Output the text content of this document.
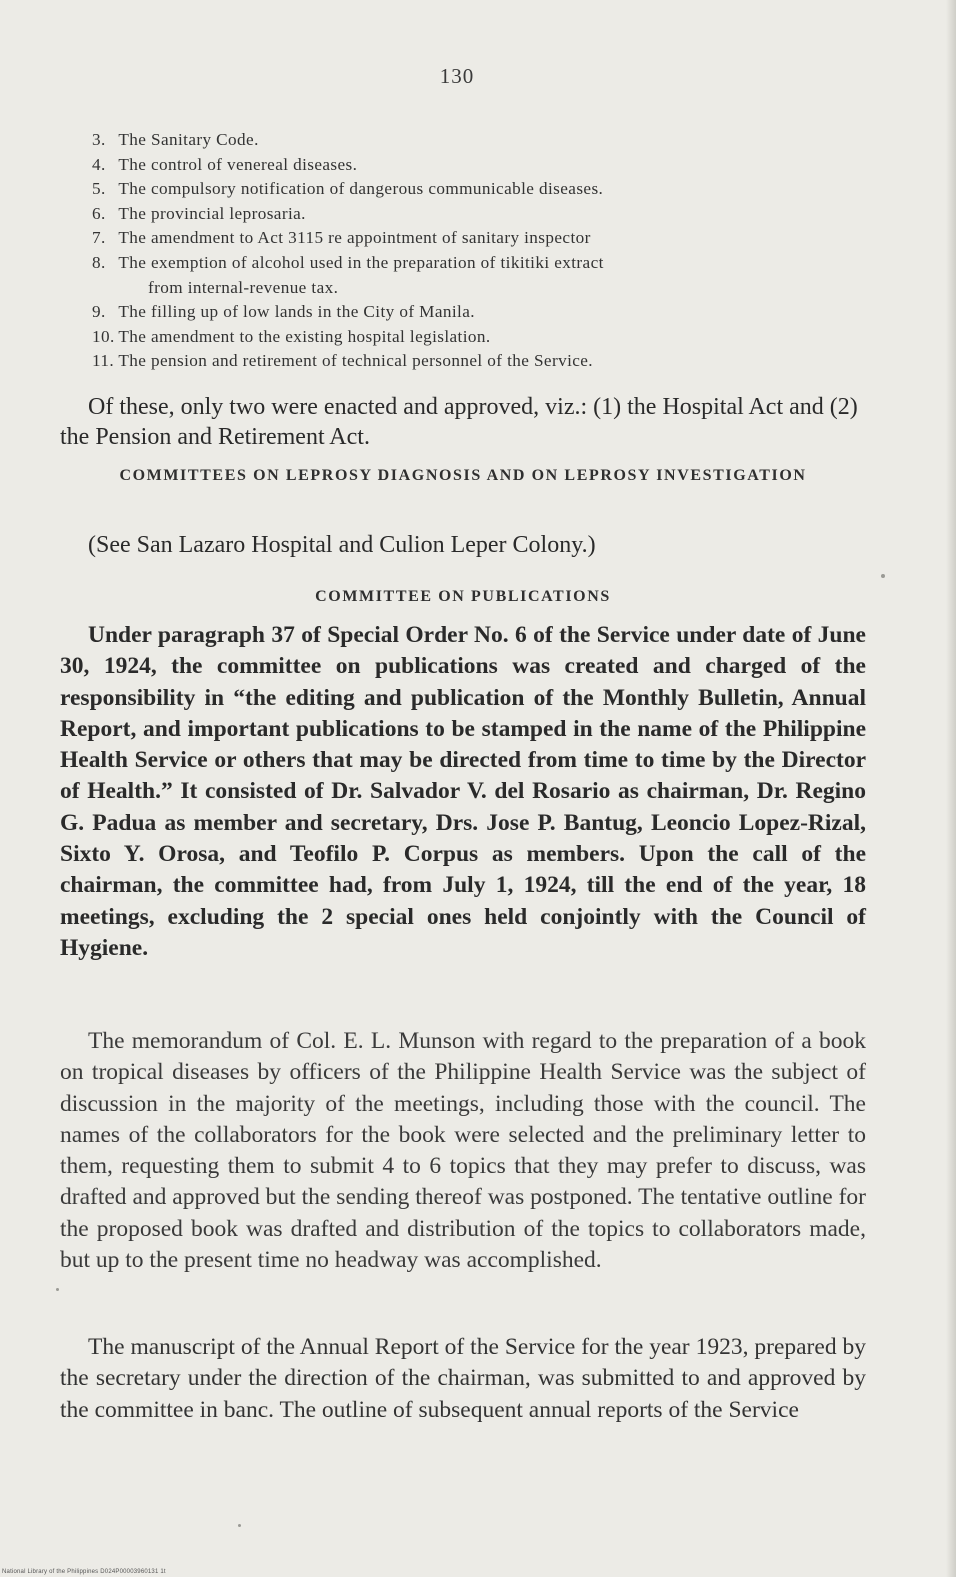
130
3. The Sanitary Code.
4. The control of venereal diseases.
5. The compulsory notification of dangerous communicable diseases.
6. The provincial leprosaria.
7. The amendment to Act 3115 re appointment of sanitary inspector
8. The exemption of alcohol used in the preparation of tikitiki extract
from internal-revenue tax.
9. The filling up of low lands in the City of Manila.
10. The amendment to the existing hospital legislation.
11. The pension and retirement of technical personnel of the Service.

Of these, only two were enacted and approved, viz.: (1) the Hospital Act and (2) the Pension and Retirement Act.

COMMITTEES ON LEPROSY DIAGNOSIS AND ON LEPROSY INVESTIGATION

(See San Lazaro Hospital and Culion Leper Colony.)

COMMITTEE ON PUBLICATIONS

Under paragraph 37 of Special Order No. 6 of the Service under date of June 30, 1924, the committee on publications was created and charged of the responsibility in “the editing and publication of the Monthly Bulletin, Annual Report, and important publications to be stamped in the name of the Philippine Health Service or others that may be directed from time to time by the Director of Health.” It consisted of Dr. Salvador V. del Rosario as chairman, Dr. Regino G. Padua as member and secretary, Drs. Jose P. Bantug, Leoncio Lopez-Rizal, Sixto Y. Orosa, and Teofilo P. Corpus as members. Upon the call of the chairman, the committee had, from July 1, 1924, till the end of the year, 18 meetings, excluding the 2 special ones held conjointly with the Council of Hygiene.

The memorandum of Col. E. L. Munson with regard to the preparation of a book on tropical diseases by officers of the Philippine Health Service was the subject of discussion in the majority of the meetings, including those with the council. The names of the collaborators for the book were selected and the preliminary letter to them, requesting them to submit 4 to 6 topics that they may prefer to discuss, was drafted and approved but the sending thereof was postponed. The tentative outline for the proposed book was drafted and distribution of the topics to collaborators made, but up to the present time no headway was accomplished.

The manuscript of the Annual Report of the Service for the year 1923, prepared by the secretary under the direction of the chairman, was submitted to and approved by the committee in banc. The outline of subsequent annual reports of the Service

National Library of the Philippines D024P00003960131 1t
